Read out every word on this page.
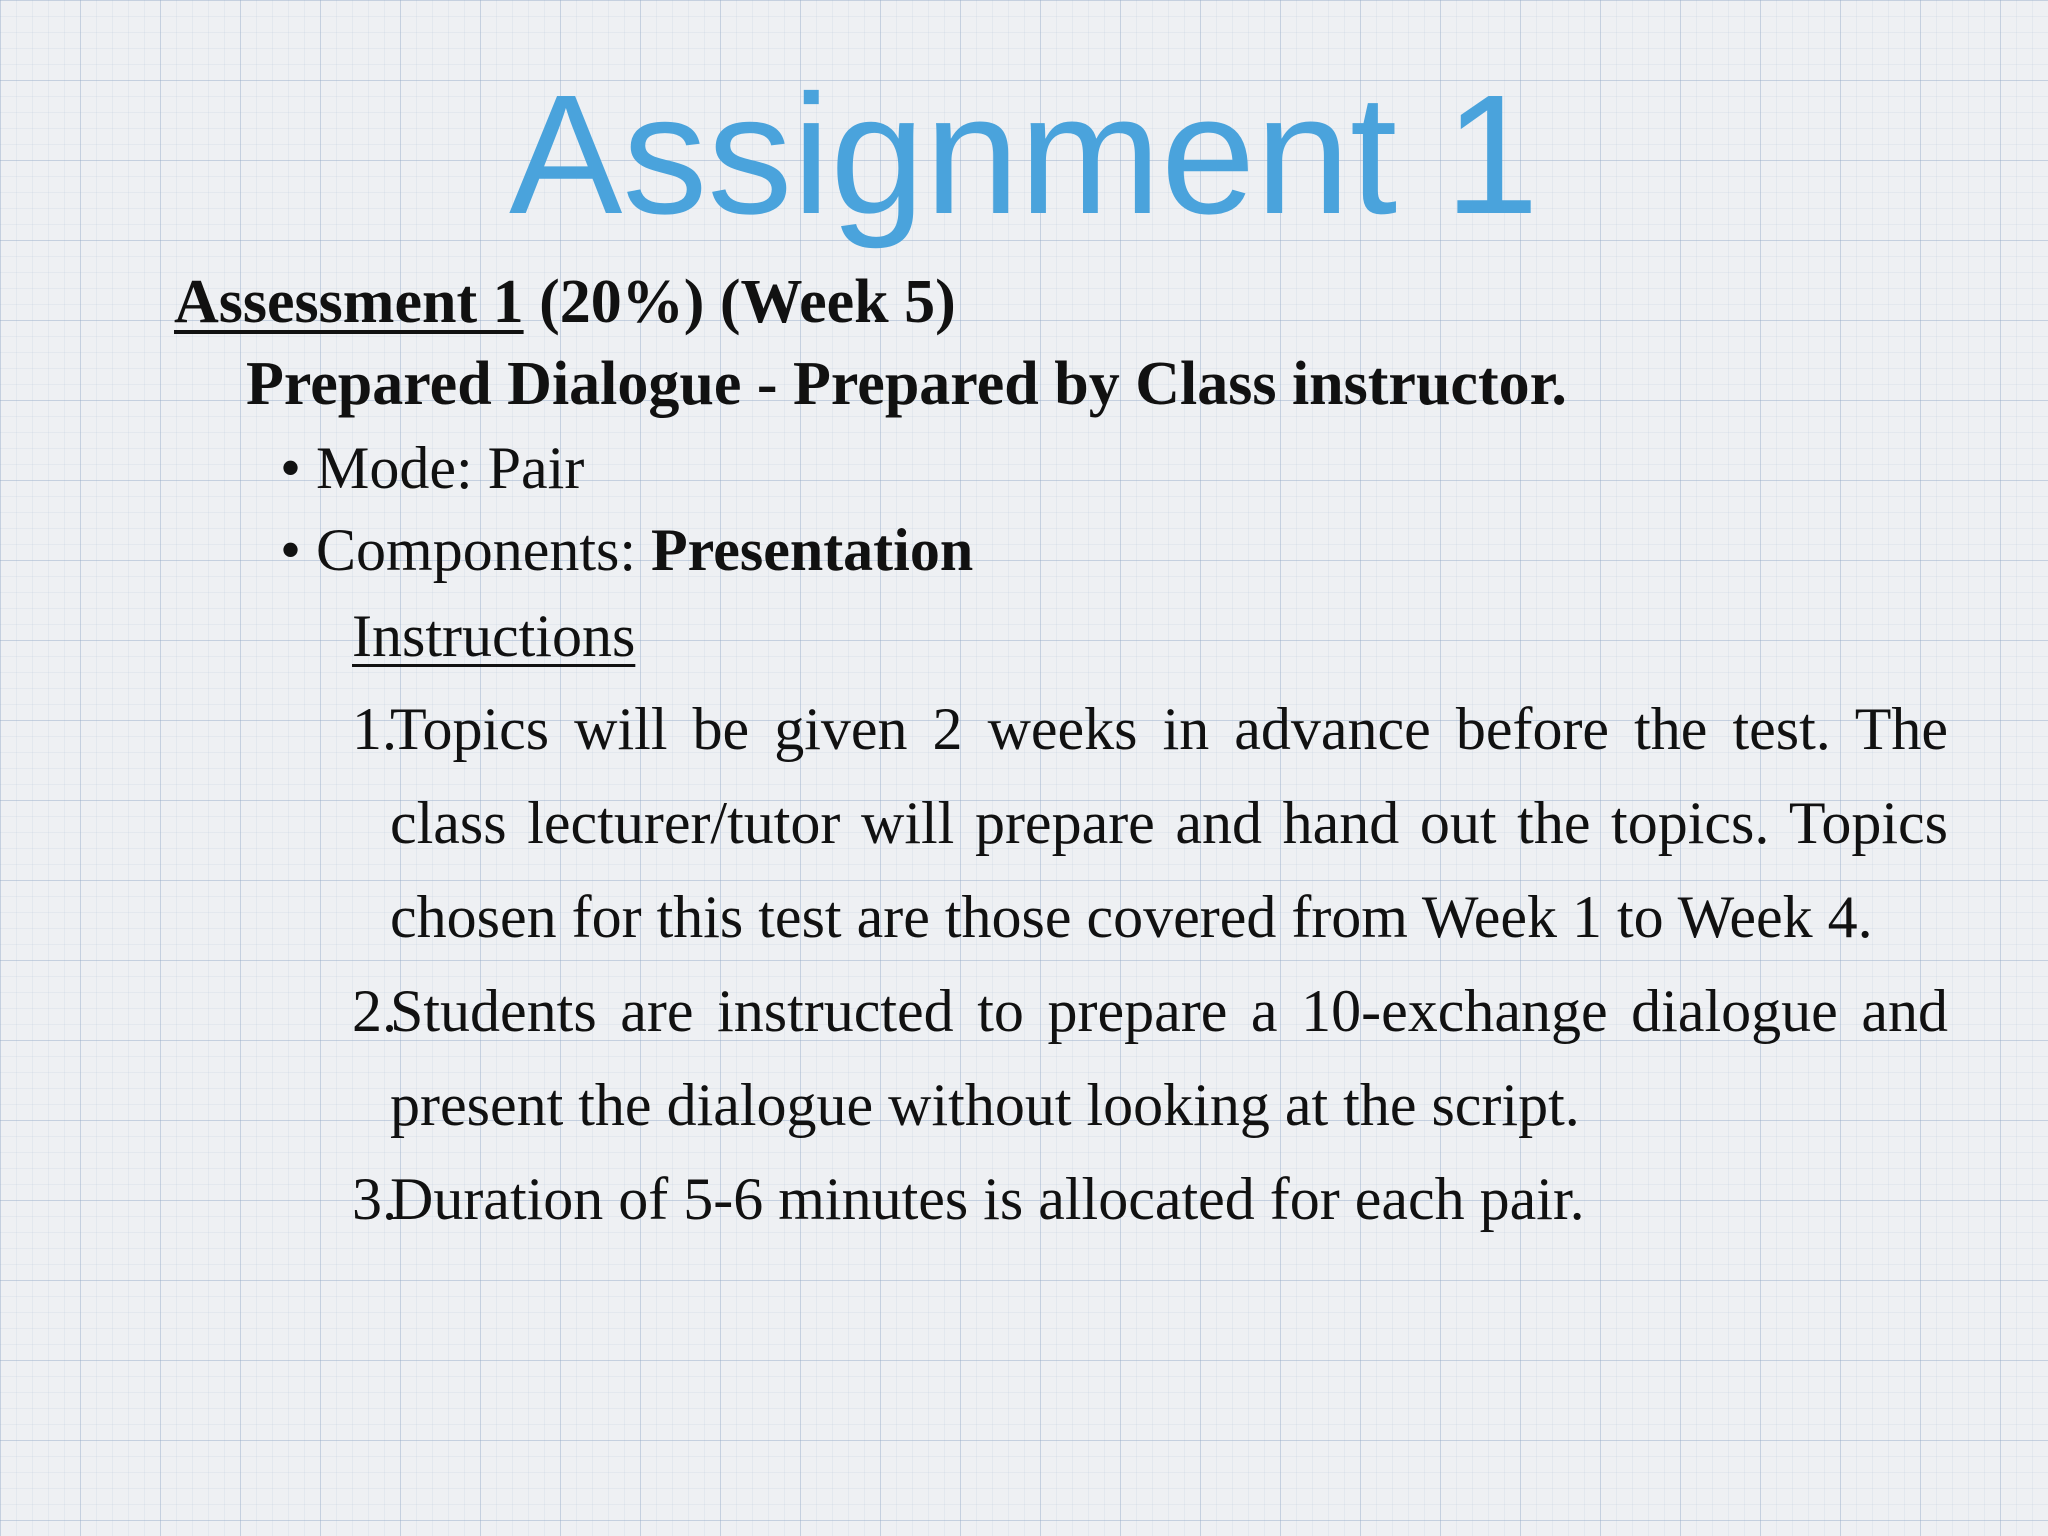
Assignment 1
Assessment 1 (20%) (Week 5)
Prepared Dialogue - Prepared by Class instructor.
• Mode: Pair
• Components: Presentation
Instructions
1.
Topics will be given 2 weeks in advance before the test. The class lecturer/tutor will prepare and hand out the topics. Topics chosen for this test are those covered from Week 1 to Week 4.
2.
Students are instructed to prepare a 10-exchange dialogue and present the dialogue without looking at the script.
3.
Duration of 5-6 minutes is allocated for each pair.
